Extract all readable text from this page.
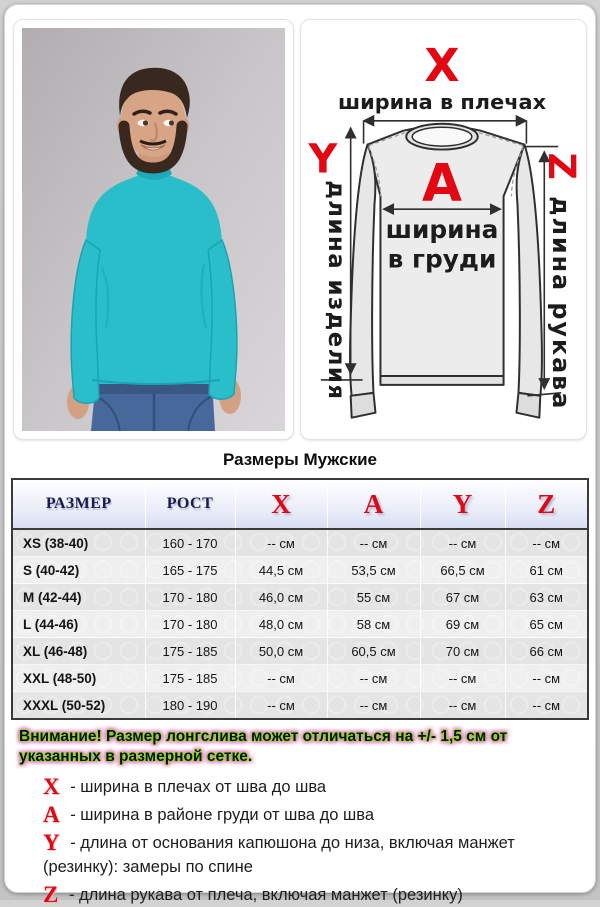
X
ширина в плечах
A
ширина
в груди
Y
длина изделия
Z
длина рукава
Размеры Мужские
РАЗМЕР	РОСТ	X	A	Y	Z
XS (38-40)	160 - 170	-- см	-- см	-- см	-- см
S (40-42)	165 - 175	44,5 см	53,5 см	66,5 см	61 см
M (42-44)	170 - 180	46,0 см	55 см	67 см	63 см
L (44-46)	170 - 180	48,0 см	58 см	69 см	65 см
XL (46-48)	175 - 185	50,0 см	60,5 см	70 см	66 см
XXL (48-50)	175 - 185	-- см	-- см	-- см	-- см
XXXL (50-52)	180 - 190	-- см	-- см	-- см	-- см
Внимание! Размер лонгслива может отличаться на +/- 1,5 см от указанных в размерной сетке.
X - ширина в плечах от шва до шва
A - ширина в районе груди от шва до шва
Y - длина от основания капюшона до низа, включая манжет (резинку): замеры по спине
Z - длина рукава от плеча, включая манжет (резинку)
